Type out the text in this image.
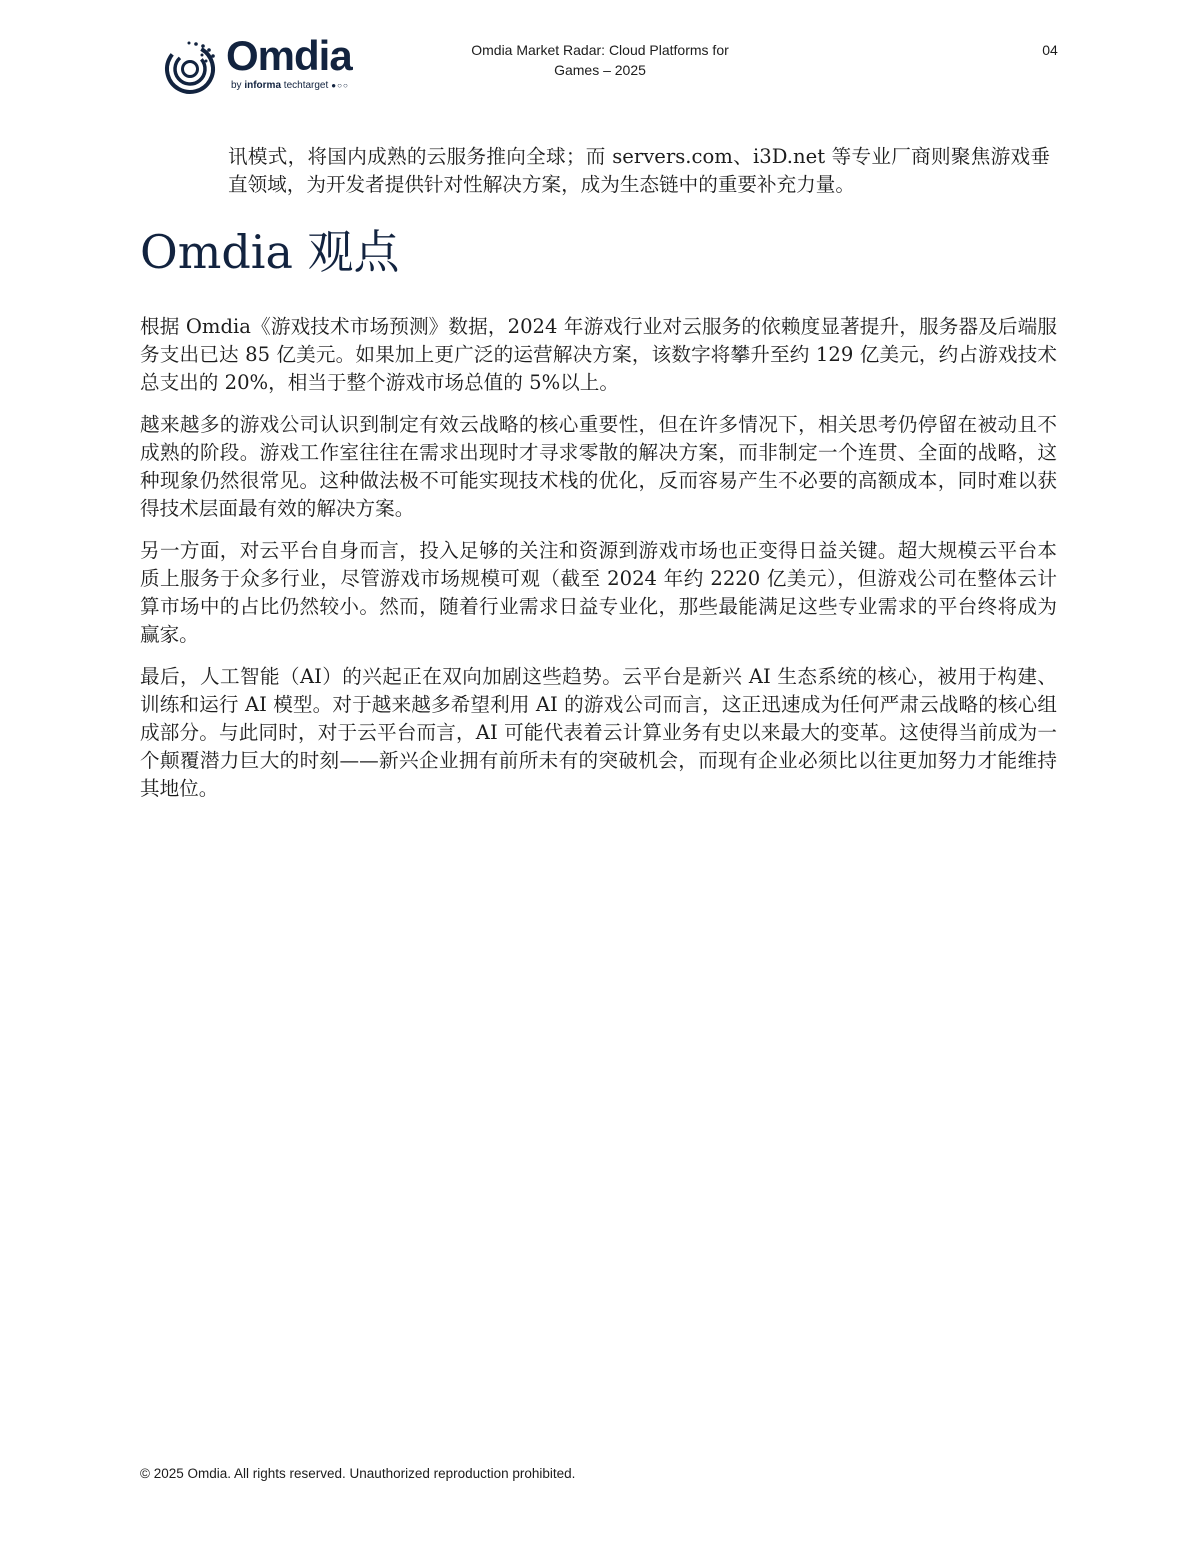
Omdia
by informa techtarget ●○○
Omdia Market Radar: Cloud Platforms for
Games – 2025
04

讯模式，将国内成熟的云服务推向全球；而 servers.com、i3D.net 等专业厂商则聚焦游戏垂直领域，为开发者提供针对性解决方案，成为生态链中的重要补充力量。

Omdia 观点

根据 Omdia《游戏技术市场预测》数据，2024 年游戏行业对云服务的依赖度显著提升，服务器及后端服务支出已达 85 亿美元。如果加上更广泛的运营解决方案，该数字将攀升至约 129 亿美元，约占游戏技术总支出的 20%，相当于整个游戏市场总值的 5%以上。

越来越多的游戏公司认识到制定有效云战略的核心重要性，但在许多情况下，相关思考仍停留在被动且不成熟的阶段。游戏工作室往往在需求出现时才寻求零散的解决方案，而非制定一个连贯、全面的战略，这种现象仍然很常见。这种做法极不可能实现技术栈的优化，反而容易产生不必要的高额成本，同时难以获得技术层面最有效的解决方案。

另一方面，对云平台自身而言，投入足够的关注和资源到游戏市场也正变得日益关键。超大规模云平台本质上服务于众多行业，尽管游戏市场规模可观（截至 2024 年约 2220 亿美元），但游戏公司在整体云计算市场中的占比仍然较小。然而，随着行业需求日益专业化，那些最能满足这些专业需求的平台终将成为赢家。

最后，人工智能（AI）的兴起正在双向加剧这些趋势。云平台是新兴 AI 生态系统的核心，被用于构建、训练和运行 AI 模型。对于越来越多希望利用 AI 的游戏公司而言，这正迅速成为任何严肃云战略的核心组成部分。与此同时，对于云平台而言，AI 可能代表着云计算业务有史以来最大的变革。这使得当前成为一个颠覆潜力巨大的时刻——新兴企业拥有前所未有的突破机会，而现有企业必须比以往更加努力才能维持其地位。

© 2025 Omdia. All rights reserved. Unauthorized reproduction prohibited.
